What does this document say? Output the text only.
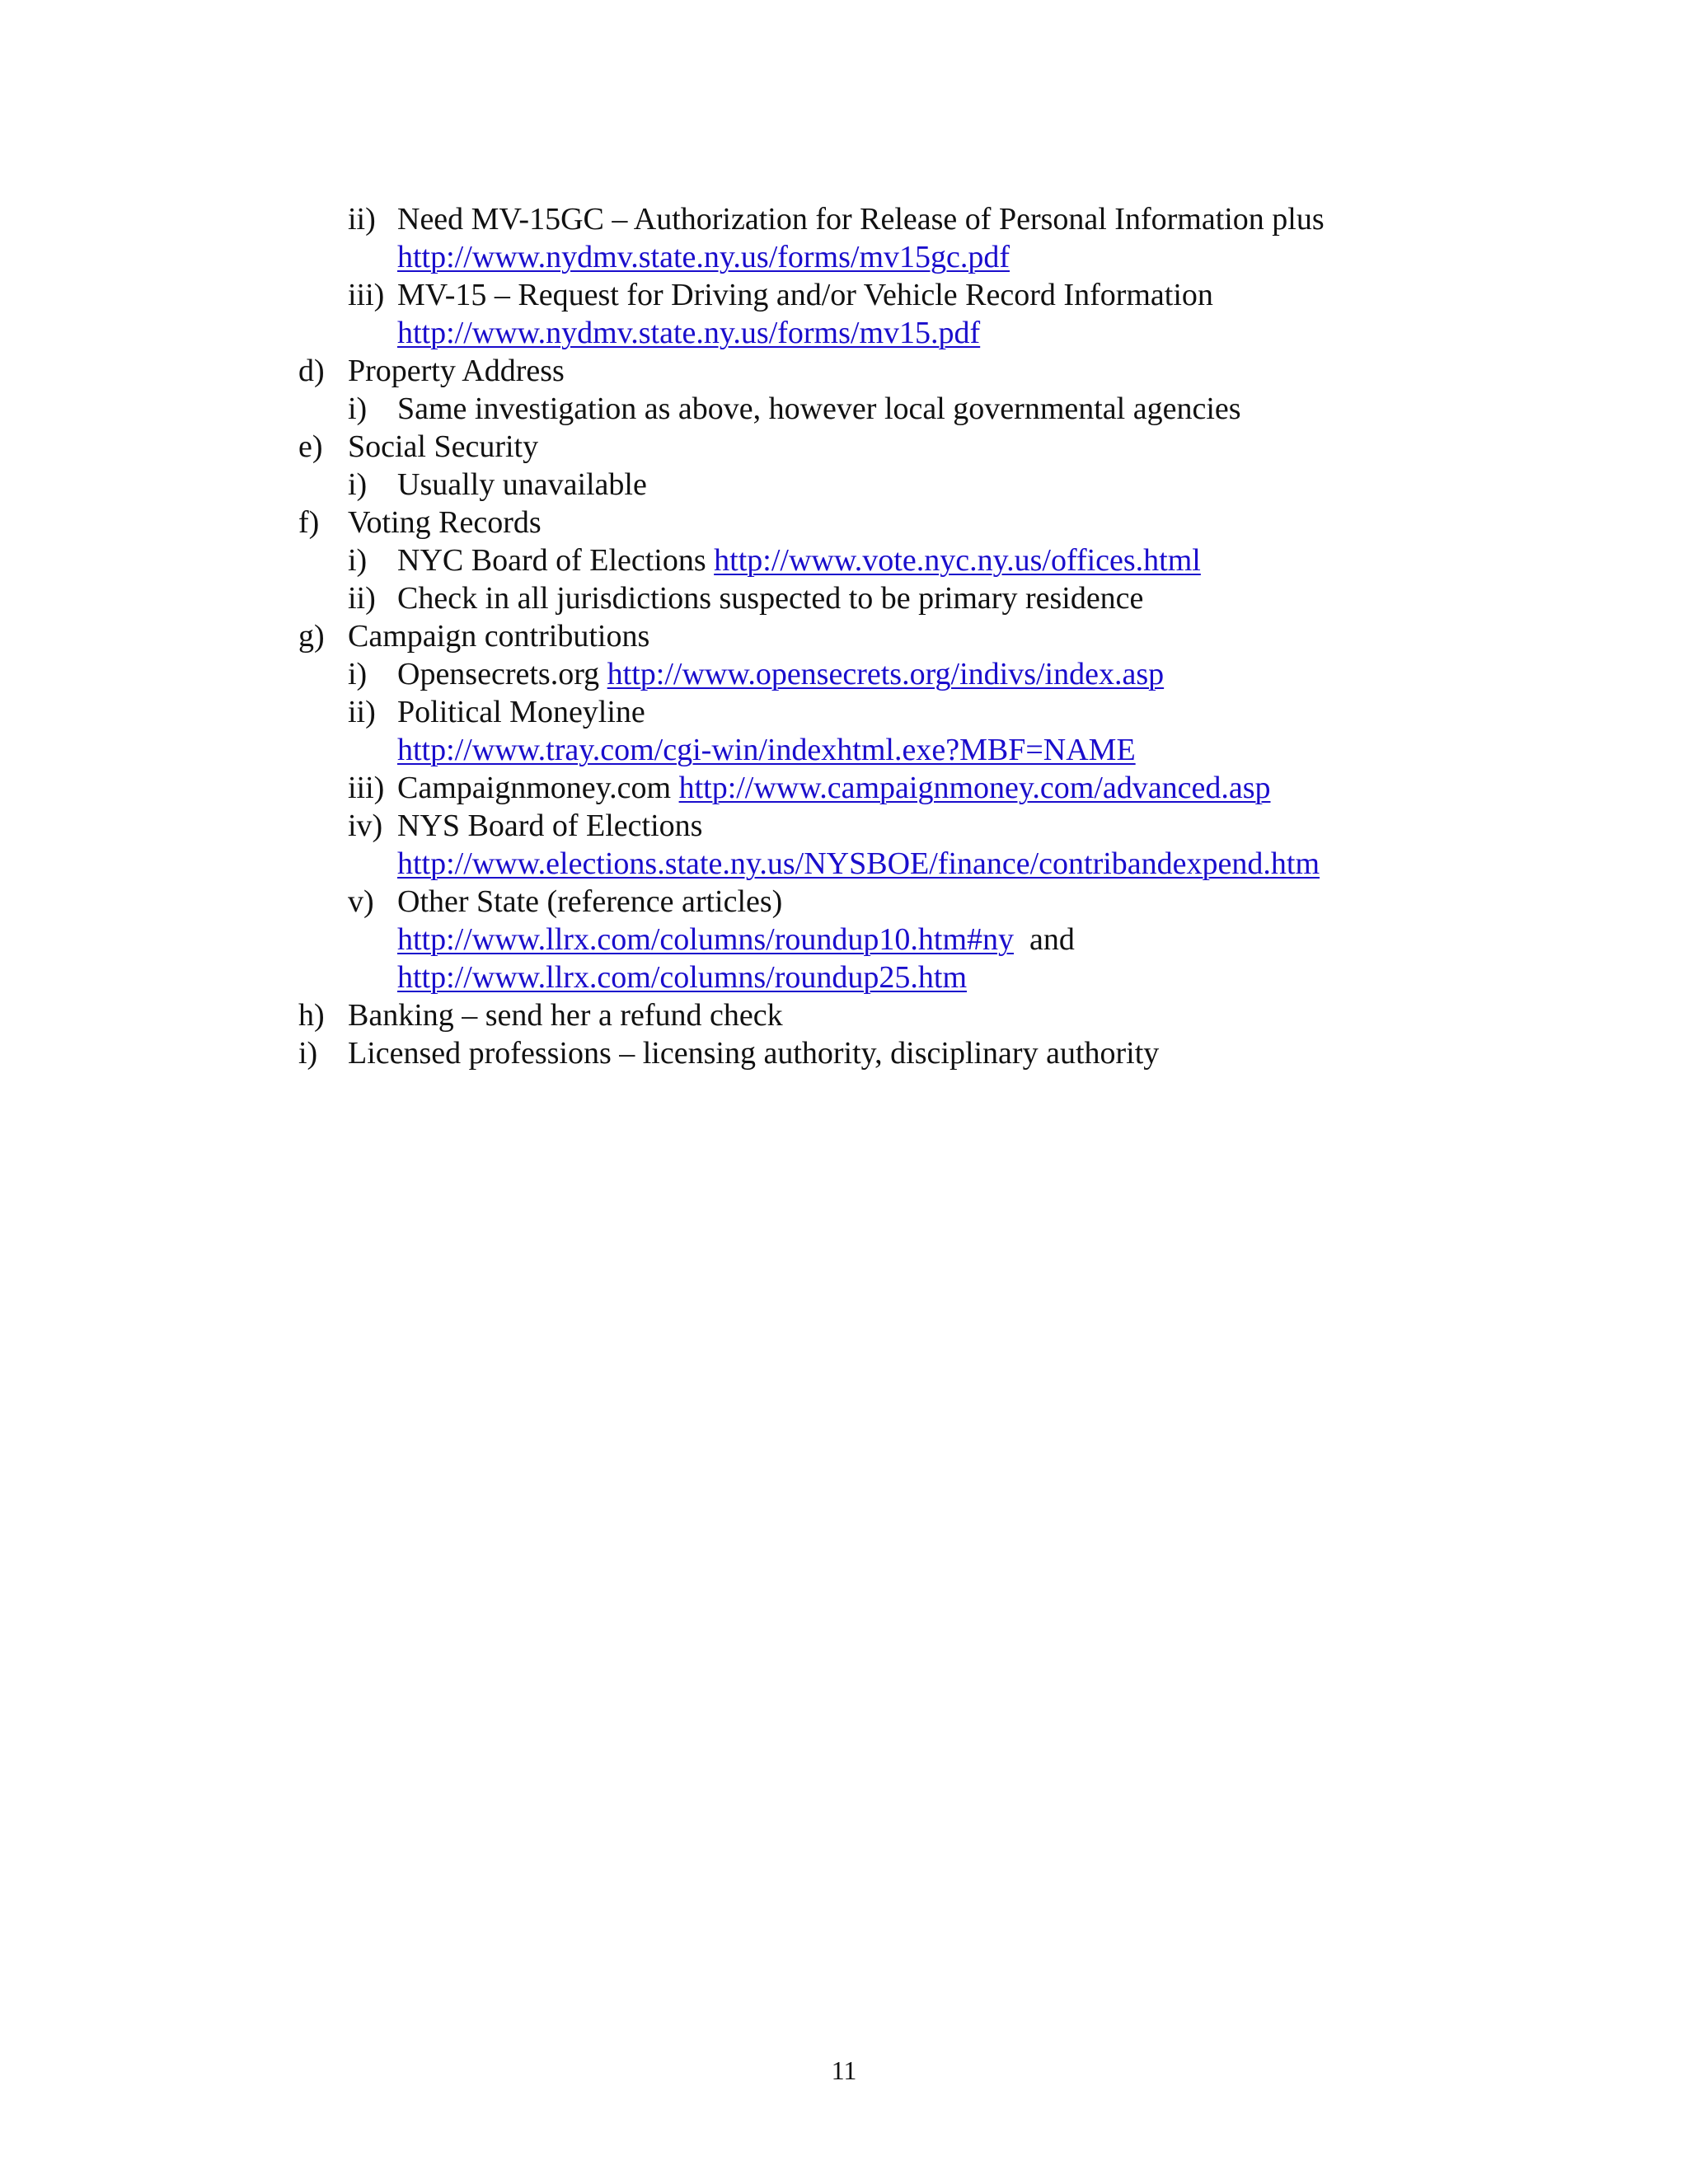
ii) Need MV-15GC – Authorization for Release of Personal Information plus
http://www.nydmv.state.ny.us/forms/mv15gc.pdf
iii) MV-15 – Request for Driving and/or Vehicle Record Information
http://www.nydmv.state.ny.us/forms/mv15.pdf
d) Property Address
i) Same investigation as above, however local governmental agencies
e) Social Security
i) Usually unavailable
f) Voting Records
i) NYC Board of Elections http://www.vote.nyc.ny.us/offices.html
ii) Check in all jurisdictions suspected to be primary residence
g) Campaign contributions
i) Opensecrets.org http://www.opensecrets.org/indivs/index.asp
ii) Political Moneyline
http://www.tray.com/cgi-win/indexhtml.exe?MBF=NAME
iii) Campaignmoney.com http://www.campaignmoney.com/advanced.asp
iv) NYS Board of Elections
http://www.elections.state.ny.us/NYSBOE/finance/contribandexpend.htm
v) Other State (reference articles)
http://www.llrx.com/columns/roundup10.htm#ny and
http://www.llrx.com/columns/roundup25.htm
h) Banking – send her a refund check
i) Licensed professions – licensing authority, disciplinary authority
11
